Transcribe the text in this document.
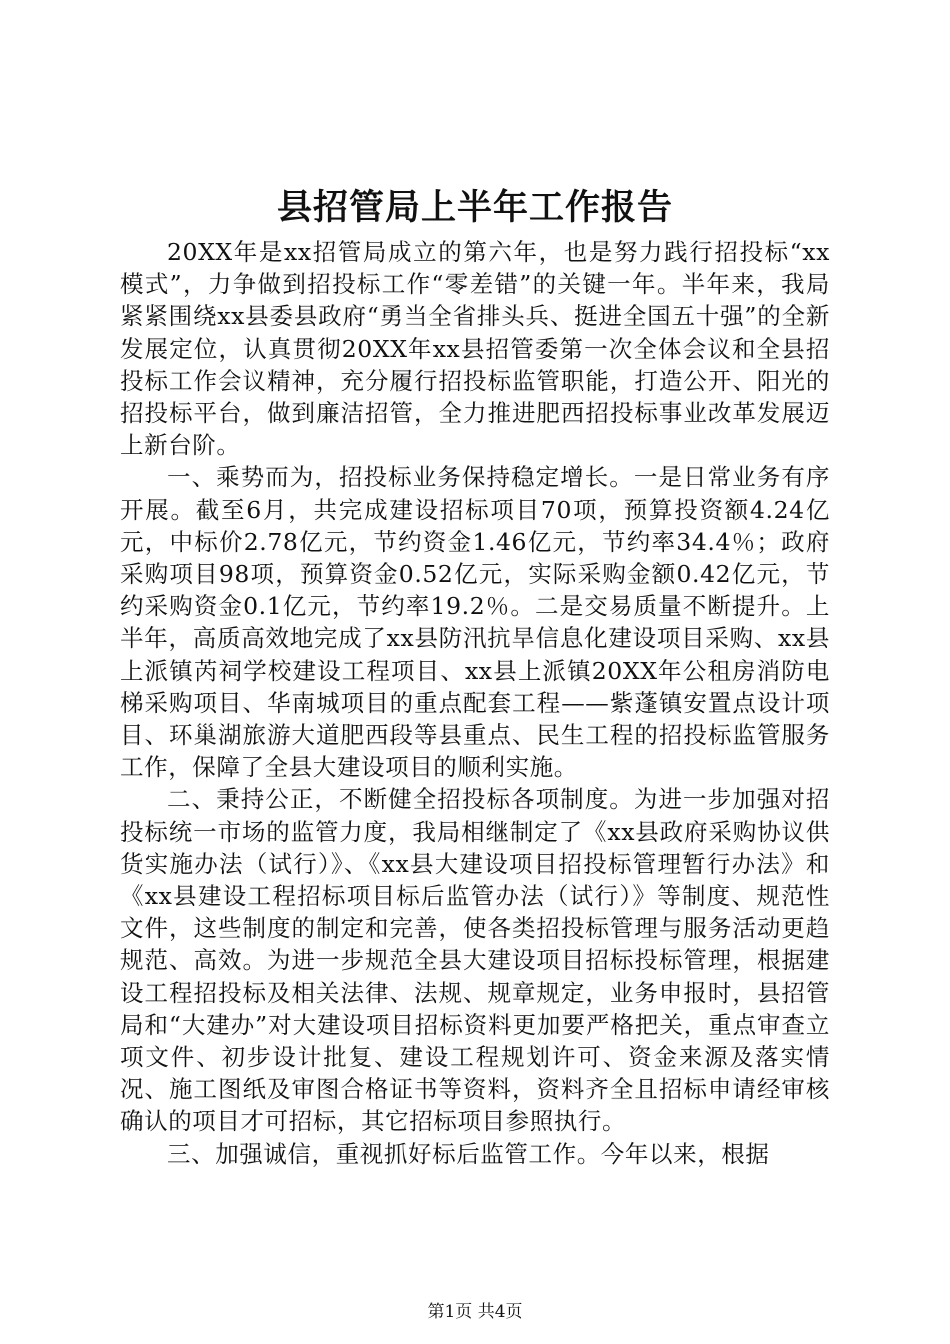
县招管局上半年工作报告

20XX年是xx招管局成立的第六年，也是努力践行招投标“xx模式”，力争做到招投标工作“零差错”的关键一年。半年来，我局紧紧围绕xx县委县政府“勇当全省排头兵、挺进全国五十强”的全新发展定位，认真贯彻20XX年xx县招管委第一次全体会议和全县招投标工作会议精神，充分履行招投标监管职能，打造公开、阳光的招投标平台，做到廉洁招管，全力推进肥西招投标事业改革发展迈上新台阶。

一、乘势而为，招投标业务保持稳定增长。一是日常业务有序开展。截至6月，共完成建设招标项目70项，预算投资额4.24亿元，中标价2.78亿元，节约资金1.46亿元，节约率34.4％；政府采购项目98项，预算资金0.52亿元，实际采购金额0.42亿元，节约采购资金0.1亿元，节约率19.2％。二是交易质量不断提升。上半年，高质高效地完成了xx县防汛抗旱信息化建设项目采购、xx县上派镇芮祠学校建设工程项目、xx县上派镇20XX年公租房消防电梯采购项目、华南城项目的重点配套工程——紫蓬镇安置点设计项目、环巢湖旅游大道肥西段等县重点、民生工程的招投标监管服务工作，保障了全县大建设项目的顺利实施。

二、秉持公正，不断健全招投标各项制度。为进一步加强对招投标统一市场的监管力度，我局相继制定了《xx县政府采购协议供货实施办法（试行）》、《xx县大建设项目招投标管理暂行办法》和《xx县建设工程招标项目标后监管办法（试行）》等制度、规范性文件，这些制度的制定和完善，使各类招投标管理与服务活动更趋规范、高效。为进一步规范全县大建设项目招标投标管理，根据建设工程招投标及相关法律、法规、规章规定，业务申报时，县招管局和“大建办”对大建设项目招标资料更加要严格把关，重点审查立项文件、初步设计批复、建设工程规划许可、资金来源及落实情况、施工图纸及审图合格证书等资料，资料齐全且招标申请经审核确认的项目才可招标，其它招标项目参照执行。

三、加强诚信，重视抓好标后监管工作。今年以来，根据

第1页 共4页
